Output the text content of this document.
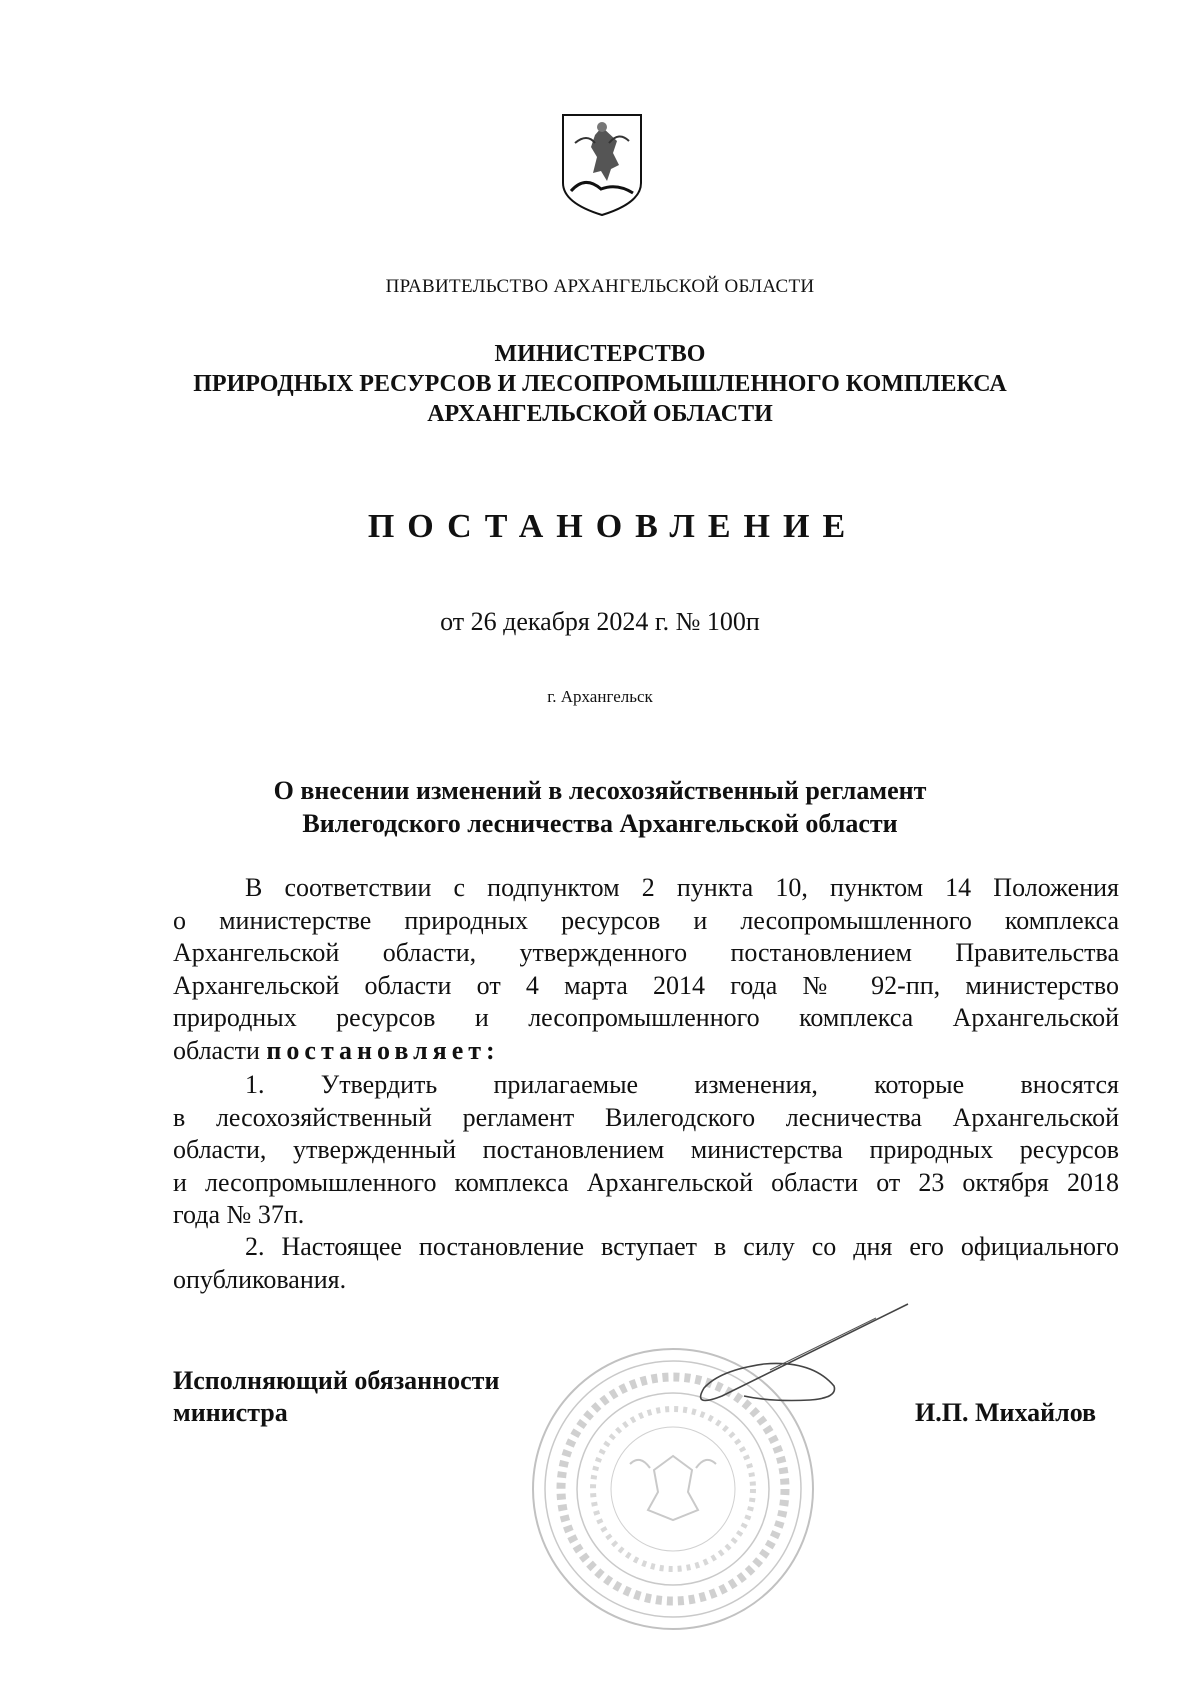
ПРАВИТЕЛЬСТВО АРХАНГЕЛЬСКОЙ ОБЛАСТИ
МИНИСТЕРСТВО
ПРИРОДНЫХ РЕСУРСОВ И ЛЕСОПРОМЫШЛЕННОГО КОМПЛЕКСА
АРХАНГЕЛЬСКОЙ ОБЛАСТИ
ПОСТАНОВЛЕНИЕ
от 26 декабря 2024 г. № 100п
г. Архангельск
О внесении изменений в лесохозяйственный регламент
Вилегодского лесничества Архангельской области
В соответствии с подпунктом 2 пункта 10, пунктом 14 Положения
о министерстве природных ресурсов и лесопромышленного комплекса
Архангельской области, утвержденного постановлением Правительства
Архангельской области от 4 марта 2014 года № 92-пп, министерство
природных ресурсов и лесопромышленного комплекса Архангельской
области постановляет:
1. Утвердить прилагаемые изменения, которые вносятся
в лесохозяйственный регламент Вилегодского лесничества Архангельской
области, утвержденный постановлением министерства природных ресурсов
и лесопромышленного комплекса Архангельской области от 23 октября 2018
года № 37п.
2. Настоящее постановление вступает в силу со дня его официального
опубликования.
Исполняющий обязанности
министра	И.П. Михайлов
